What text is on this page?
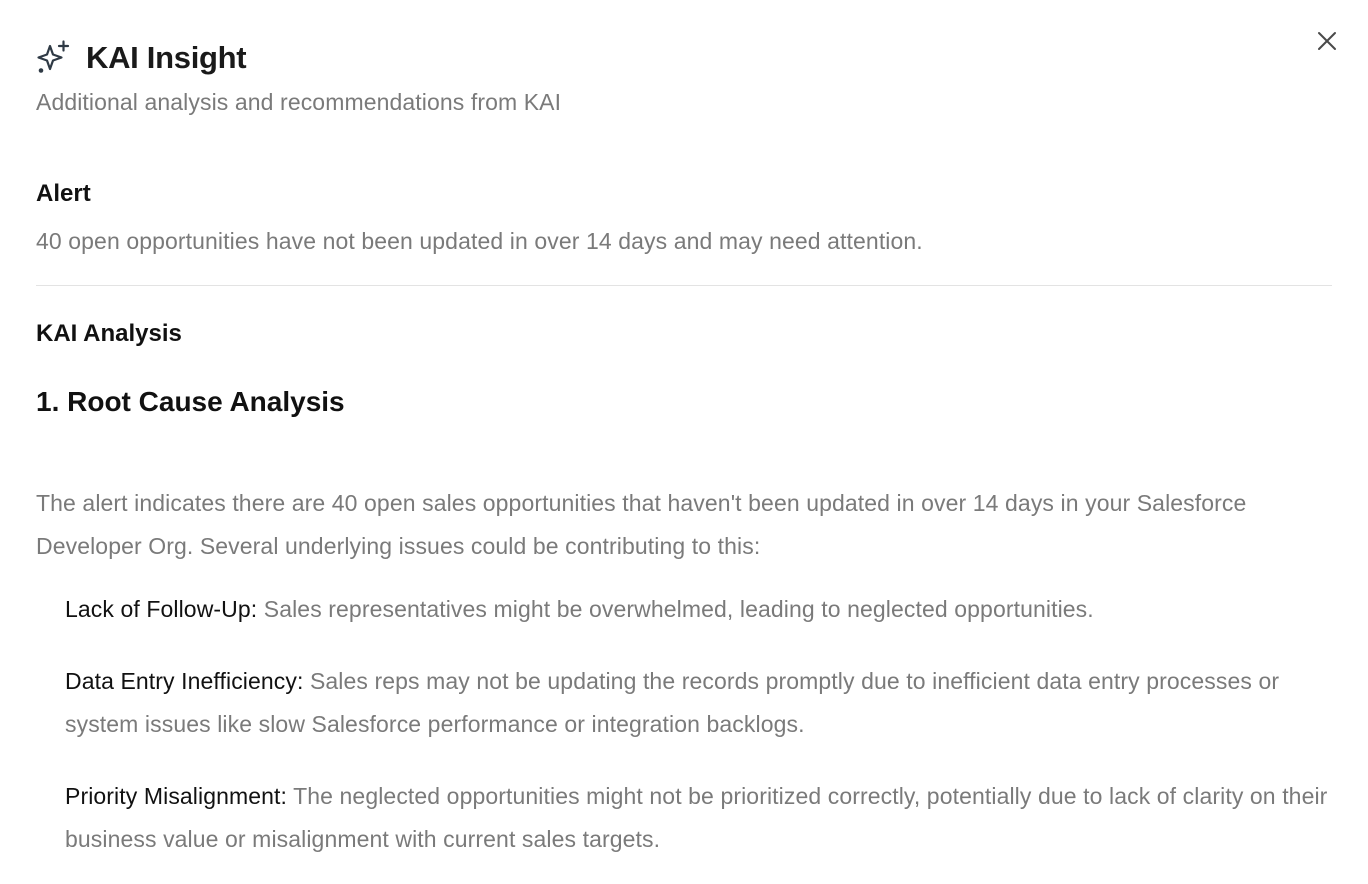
KAI Insight
Additional analysis and recommendations from KAI
Alert
40 open opportunities have not been updated in over 14 days and may need attention.
KAI Analysis
1. Root Cause Analysis
The alert indicates there are 40 open sales opportunities that haven't been updated in over 14 days in your Salesforce Developer Org. Several underlying issues could be contributing to this:
Lack of Follow-Up: Sales representatives might be overwhelmed, leading to neglected opportunities.
Data Entry Inefficiency: Sales reps may not be updating the records promptly due to inefficient data entry processes or system issues like slow Salesforce performance or integration backlogs.
Priority Misalignment: The neglected opportunities might not be prioritized correctly, potentially due to lack of clarity on their business value or misalignment with current sales targets.
